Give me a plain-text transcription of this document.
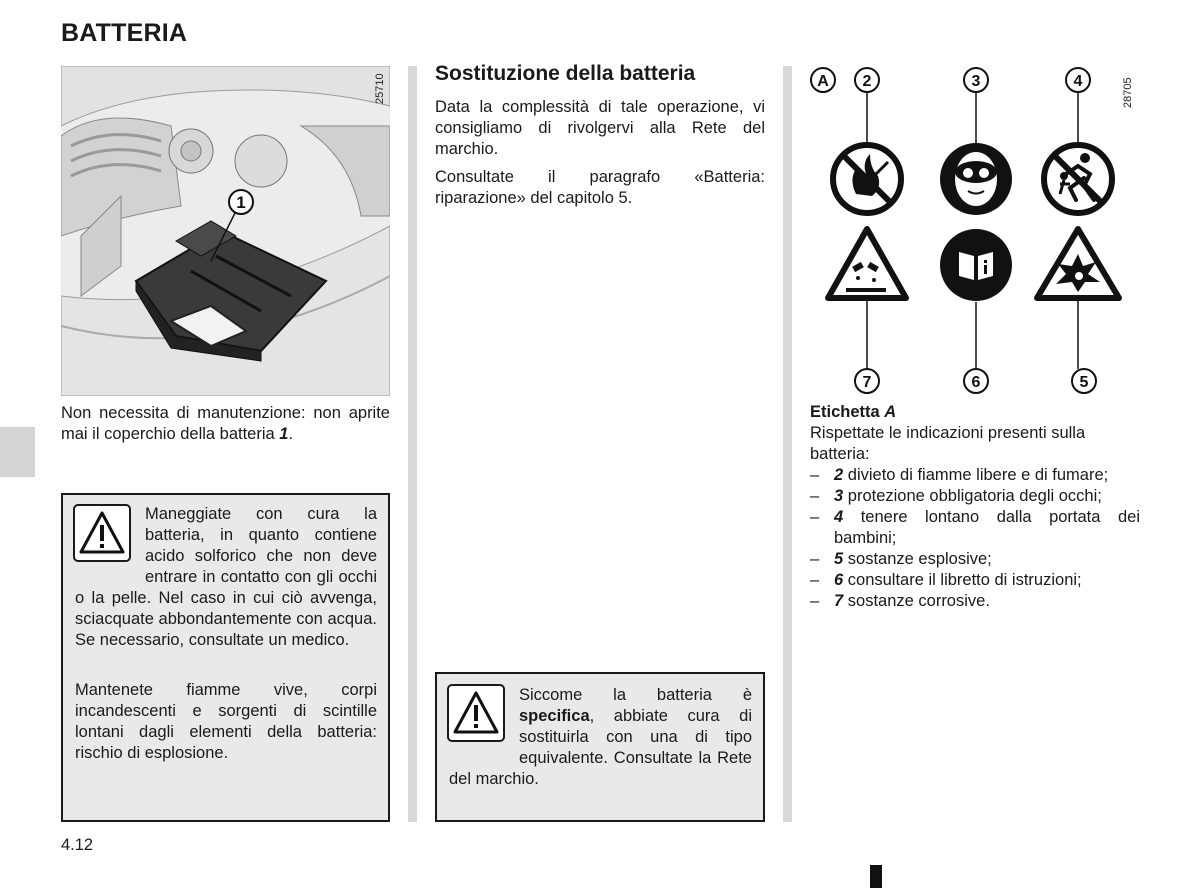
BATTERIA
1
25710
Non necessita di manutenzione: non aprite mai il coperchio della batteria 1.
Maneggiate con cura la batteria, in quanto contiene acido solforico che non deve entrare in contatto con gli occhi o la pelle. Nel caso in cui ciò avvenga, sciacquate abbondantemente con acqua. Se necessario, consultate un medico.
Mantenete fiamme vive, corpi incandescenti e sorgenti di scintille lontani dagli elementi della batteria: rischio di esplosione.
Sostituzione della batteria
Data la complessità di tale operazione, vi consigliamo di rivolgervi alla Rete del marchio.
Consultate il paragrafo «Batteria: riparazione» del capitolo 5.
Siccome la batteria è specifica, abbiate cura di sostituirla con una di tipo equivalente. Consultate la Rete del marchio.
A 2	3	4
7	6	5
28705
Etichetta A
Rispettate le indicazioni presenti sulla batteria:
– 2 divieto di fiamme libere e di fumare;
– 3 protezione obbligatoria degli occhi;
– 4 tenere lontano dalla portata dei bambini;
– 5 sostanze esplosive;
– 6 consultare il libretto di istruzioni;
– 7 sostanze corrosive.
4.12
